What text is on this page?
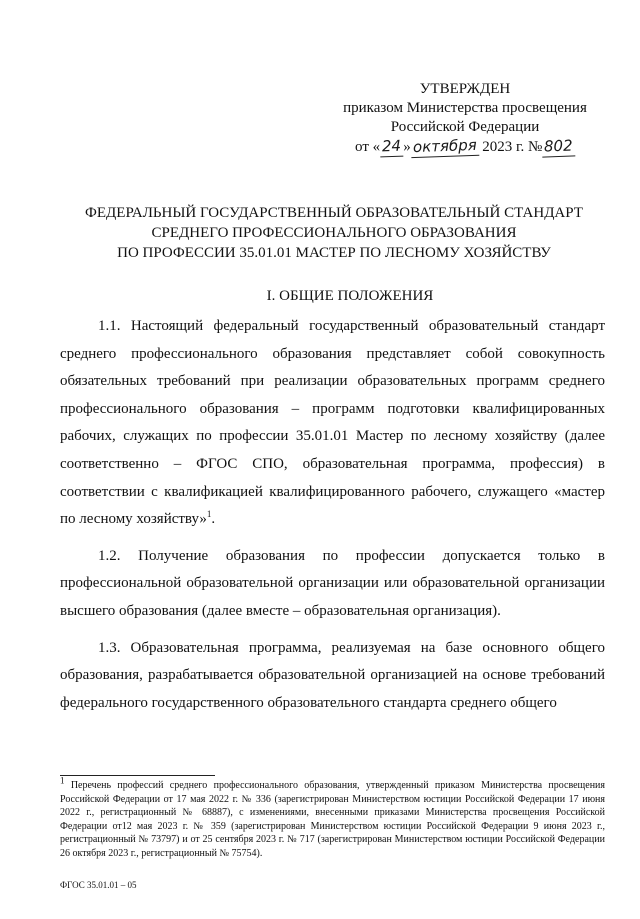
УТВЕРЖДЕН
приказом Министерства просвещения
Российской Федерации
от « 24 » октября 2023 г. № 802
ФЕДЕРАЛЬНЫЙ ГОСУДАРСТВЕННЫЙ ОБРАЗОВАТЕЛЬНЫЙ СТАНДАРТ
СРЕДНЕГО ПРОФЕССИОНАЛЬНОГО ОБРАЗОВАНИЯ
ПО ПРОФЕССИИ 35.01.01 МАСТЕР ПО ЛЕСНОМУ ХОЗЯЙСТВУ
I. ОБЩИЕ ПОЛОЖЕНИЯ

1.1. Настоящий федеральный государственный образовательный стандарт среднего профессионального образования представляет собой совокупность обязательных требований при реализации образовательных программ среднего профессионального образования – программ подготовки квалифицированных рабочих, служащих по профессии 35.01.01 Мастер по лесному хозяйству (далее соответственно – ФГОС СПО, образовательная программа, профессия) в соответствии с квалификацией квалифицированного рабочего, служащего «мастер по лесному хозяйству»$^1$.

1.2. Получение образования по профессии допускается только в профессиональной образовательной организации или образовательной организации высшего образования (далее вместе – образовательная организация).

1.3. Образовательная программа, реализуемая на базе основного общего образования, разрабатывается образовательной организацией на основе требований федерального государственного образовательного стандарта среднего общего

$^1$ Перечень профессий среднего профессионального образования, утвержденный приказом Министерства просвещения Российской Федерации от 17 мая 2022 г. № 336 (зарегистрирован Министерством юстиции Российской Федерации 17 июня 2022 г., регистрационный № 68887), с изменениями, внесенными приказами Министерства просвещения Российской Федерации от12 мая 2023 г. № 359 (зарегистрирован Министерством юстиции Российской Федерации 9 июня 2023 г., регистрационный № 73797) и от 25 сентября 2023 г. № 717 (зарегистрирован Министерством юстиции Российской Федерации 26 октября 2023 г., регистрационный № 75754).
ФГОС 35.01.01 – 05
